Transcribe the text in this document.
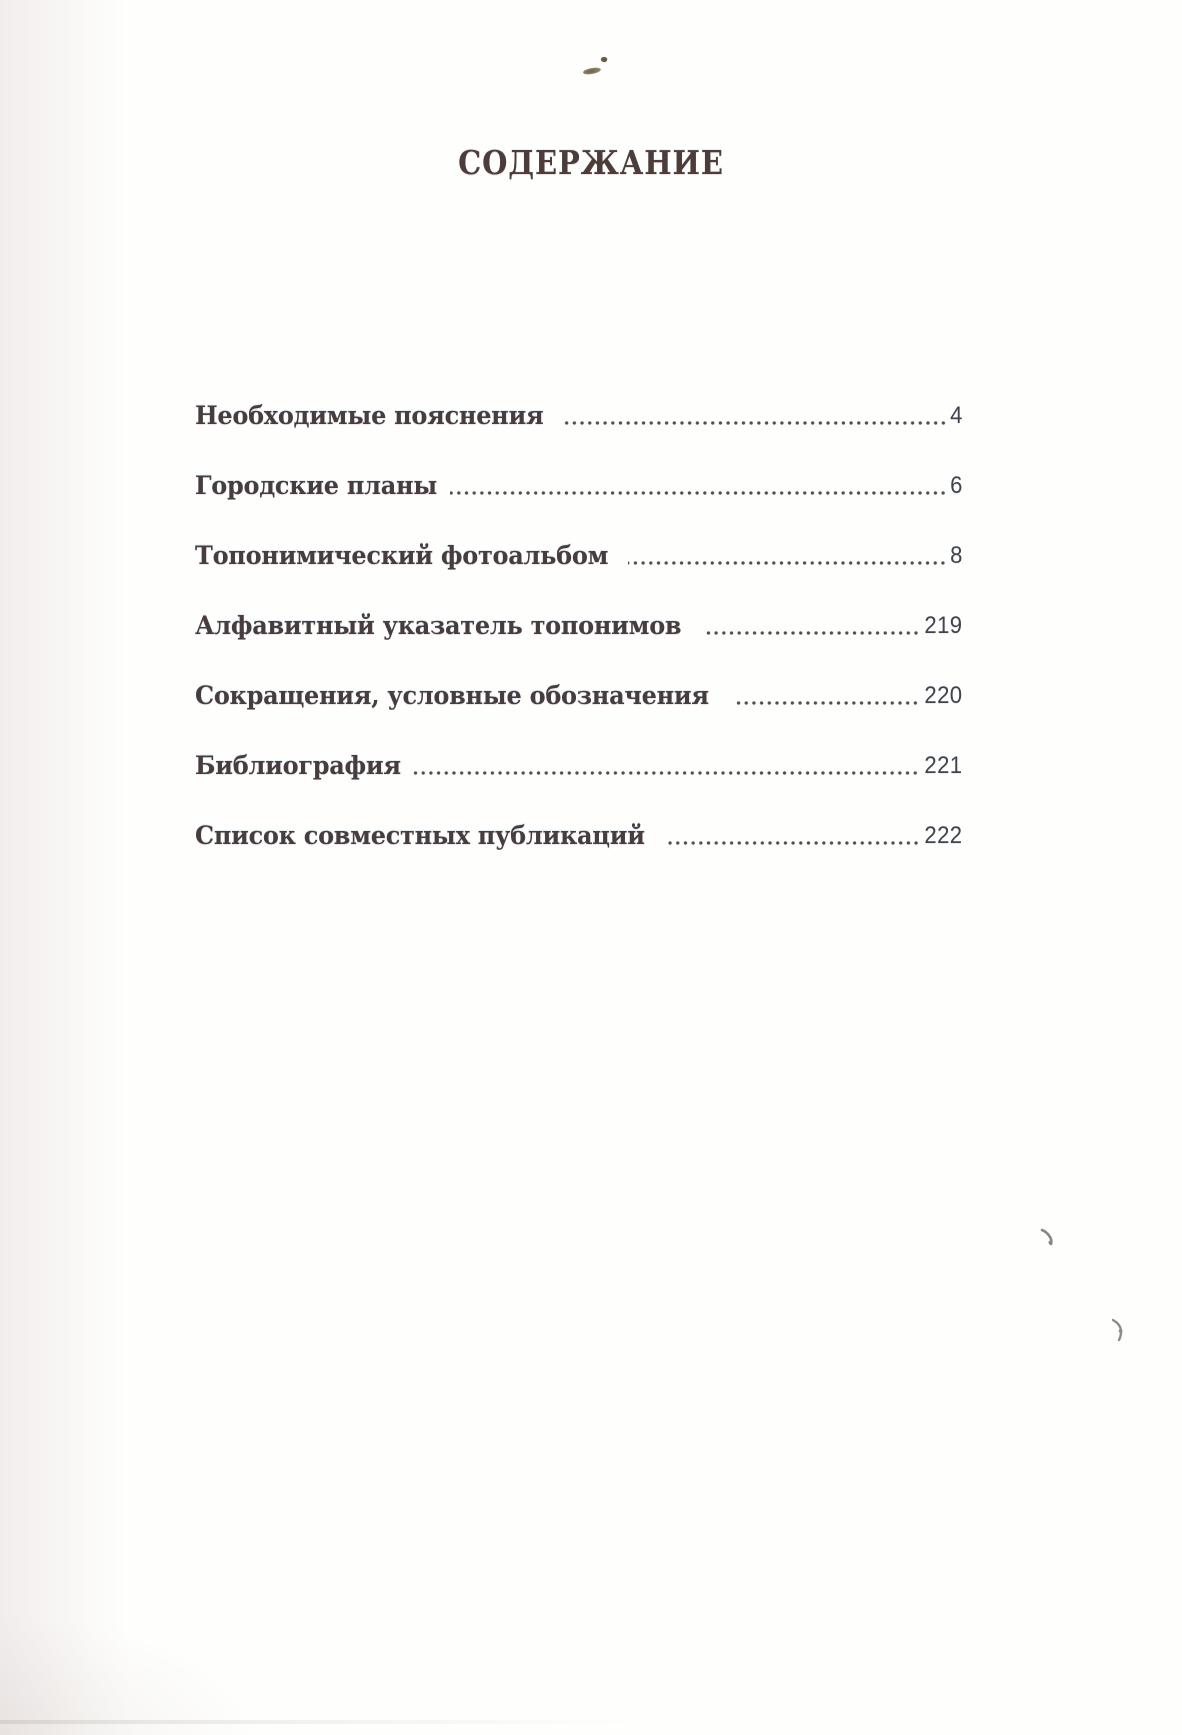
СОДЕРЖАНИЕ
Необходимые пояснения	4
Городские планы	6
Топонимический фотоальбом	8
Алфавитный указатель топонимов	219
Сокращения, условные обозначения	220
Библиография	221
Список совместных публикаций	222
